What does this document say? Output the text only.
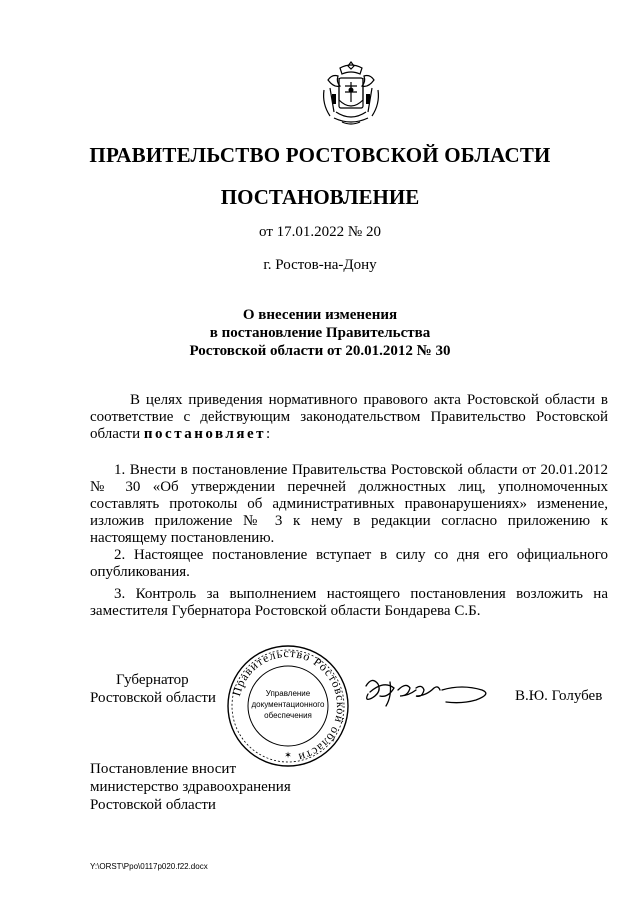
ПРАВИТЕЛЬСТВО РОСТОВСКОЙ ОБЛАСТИ
ПОСТАНОВЛЕНИЕ
от 17.01.2022 № 20
г. Ростов-на-Дону
О внесении изменения
в постановление Правительства
Ростовской области от 20.01.2012 № 30
В целях приведения нормативного правового акта Ростовской области в соответствие с действующим законодательством Правительство Ростовской области постановляет:
1. Внести в постановление Правительства Ростовской области от 20.01.2012 № 30 «Об утверждении перечней должностных лиц, уполномоченных составлять протоколы об административных правонарушениях» изменение, изложив приложение № 3 к нему в редакции согласно приложению к настоящему постановлению.
2. Настоящее постановление вступает в силу со дня его официального опубликования.
3. Контроль за выполнением настоящего постановления возложить на заместителя Губернатора Ростовской области Бондарева С.Б.
Губернатор
Ростовской области	Правительство Ростовской области
Управление
документационного
обеспечения
✶
В.Ю. Голубев
Постановление вносит
министерство здравоохранения
Ростовской области
Y:\ORST\Ppo\0117p020.f22.docx
